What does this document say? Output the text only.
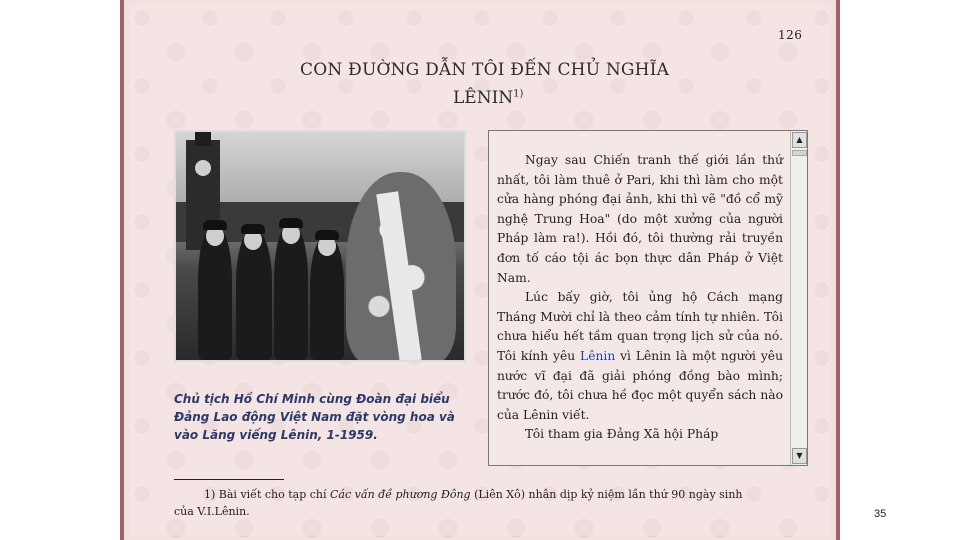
126
CON ĐUỜNG DẪN TÔI ĐẾN CHỦ NGHĨA
LÊNIN$^{1)}$
Chủ tịch Hồ Chí Minh cùng Đoàn đại biểu Đảng Lao động Việt Nam đặt vòng hoa và vào Lăng viếng Lênin, 1-1959.

Ngay sau Chiến tranh thế giới lần thứ nhất, tôi làm thuê ở Pari, khi thì làm cho một cửa hàng phóng đại ảnh, khi thì vẽ "đồ cổ mỹ nghệ Trung Hoa" (do một xưởng của người Pháp làm ra!). Hồi đó, tôi thường rải truyền đơn tố cáo tội ác bọn thực dân Pháp ở Việt Nam.

Lúc bấy giờ, tôi ủng hộ Cách mạng Tháng Mười chỉ là theo cảm tính tự nhiên. Tôi chưa hiểu hết tầm quan trọng lịch sử của nó. Tôi kính yêu Lênin vì Lênin là một người yêu nước vĩ đại đã giải phóng đồng bào mình; trước đó, tôi chưa hề đọc một quyển sách nào của Lênin viết.

Tôi tham gia Đảng Xã hội Pháp

▲
▼
1) Bài viết cho tạp chí Các vấn đề phương Đông (Liên Xô) nhân dịp kỷ niệm lần thứ 90 ngày sinh
của V.I.Lênin.	35
